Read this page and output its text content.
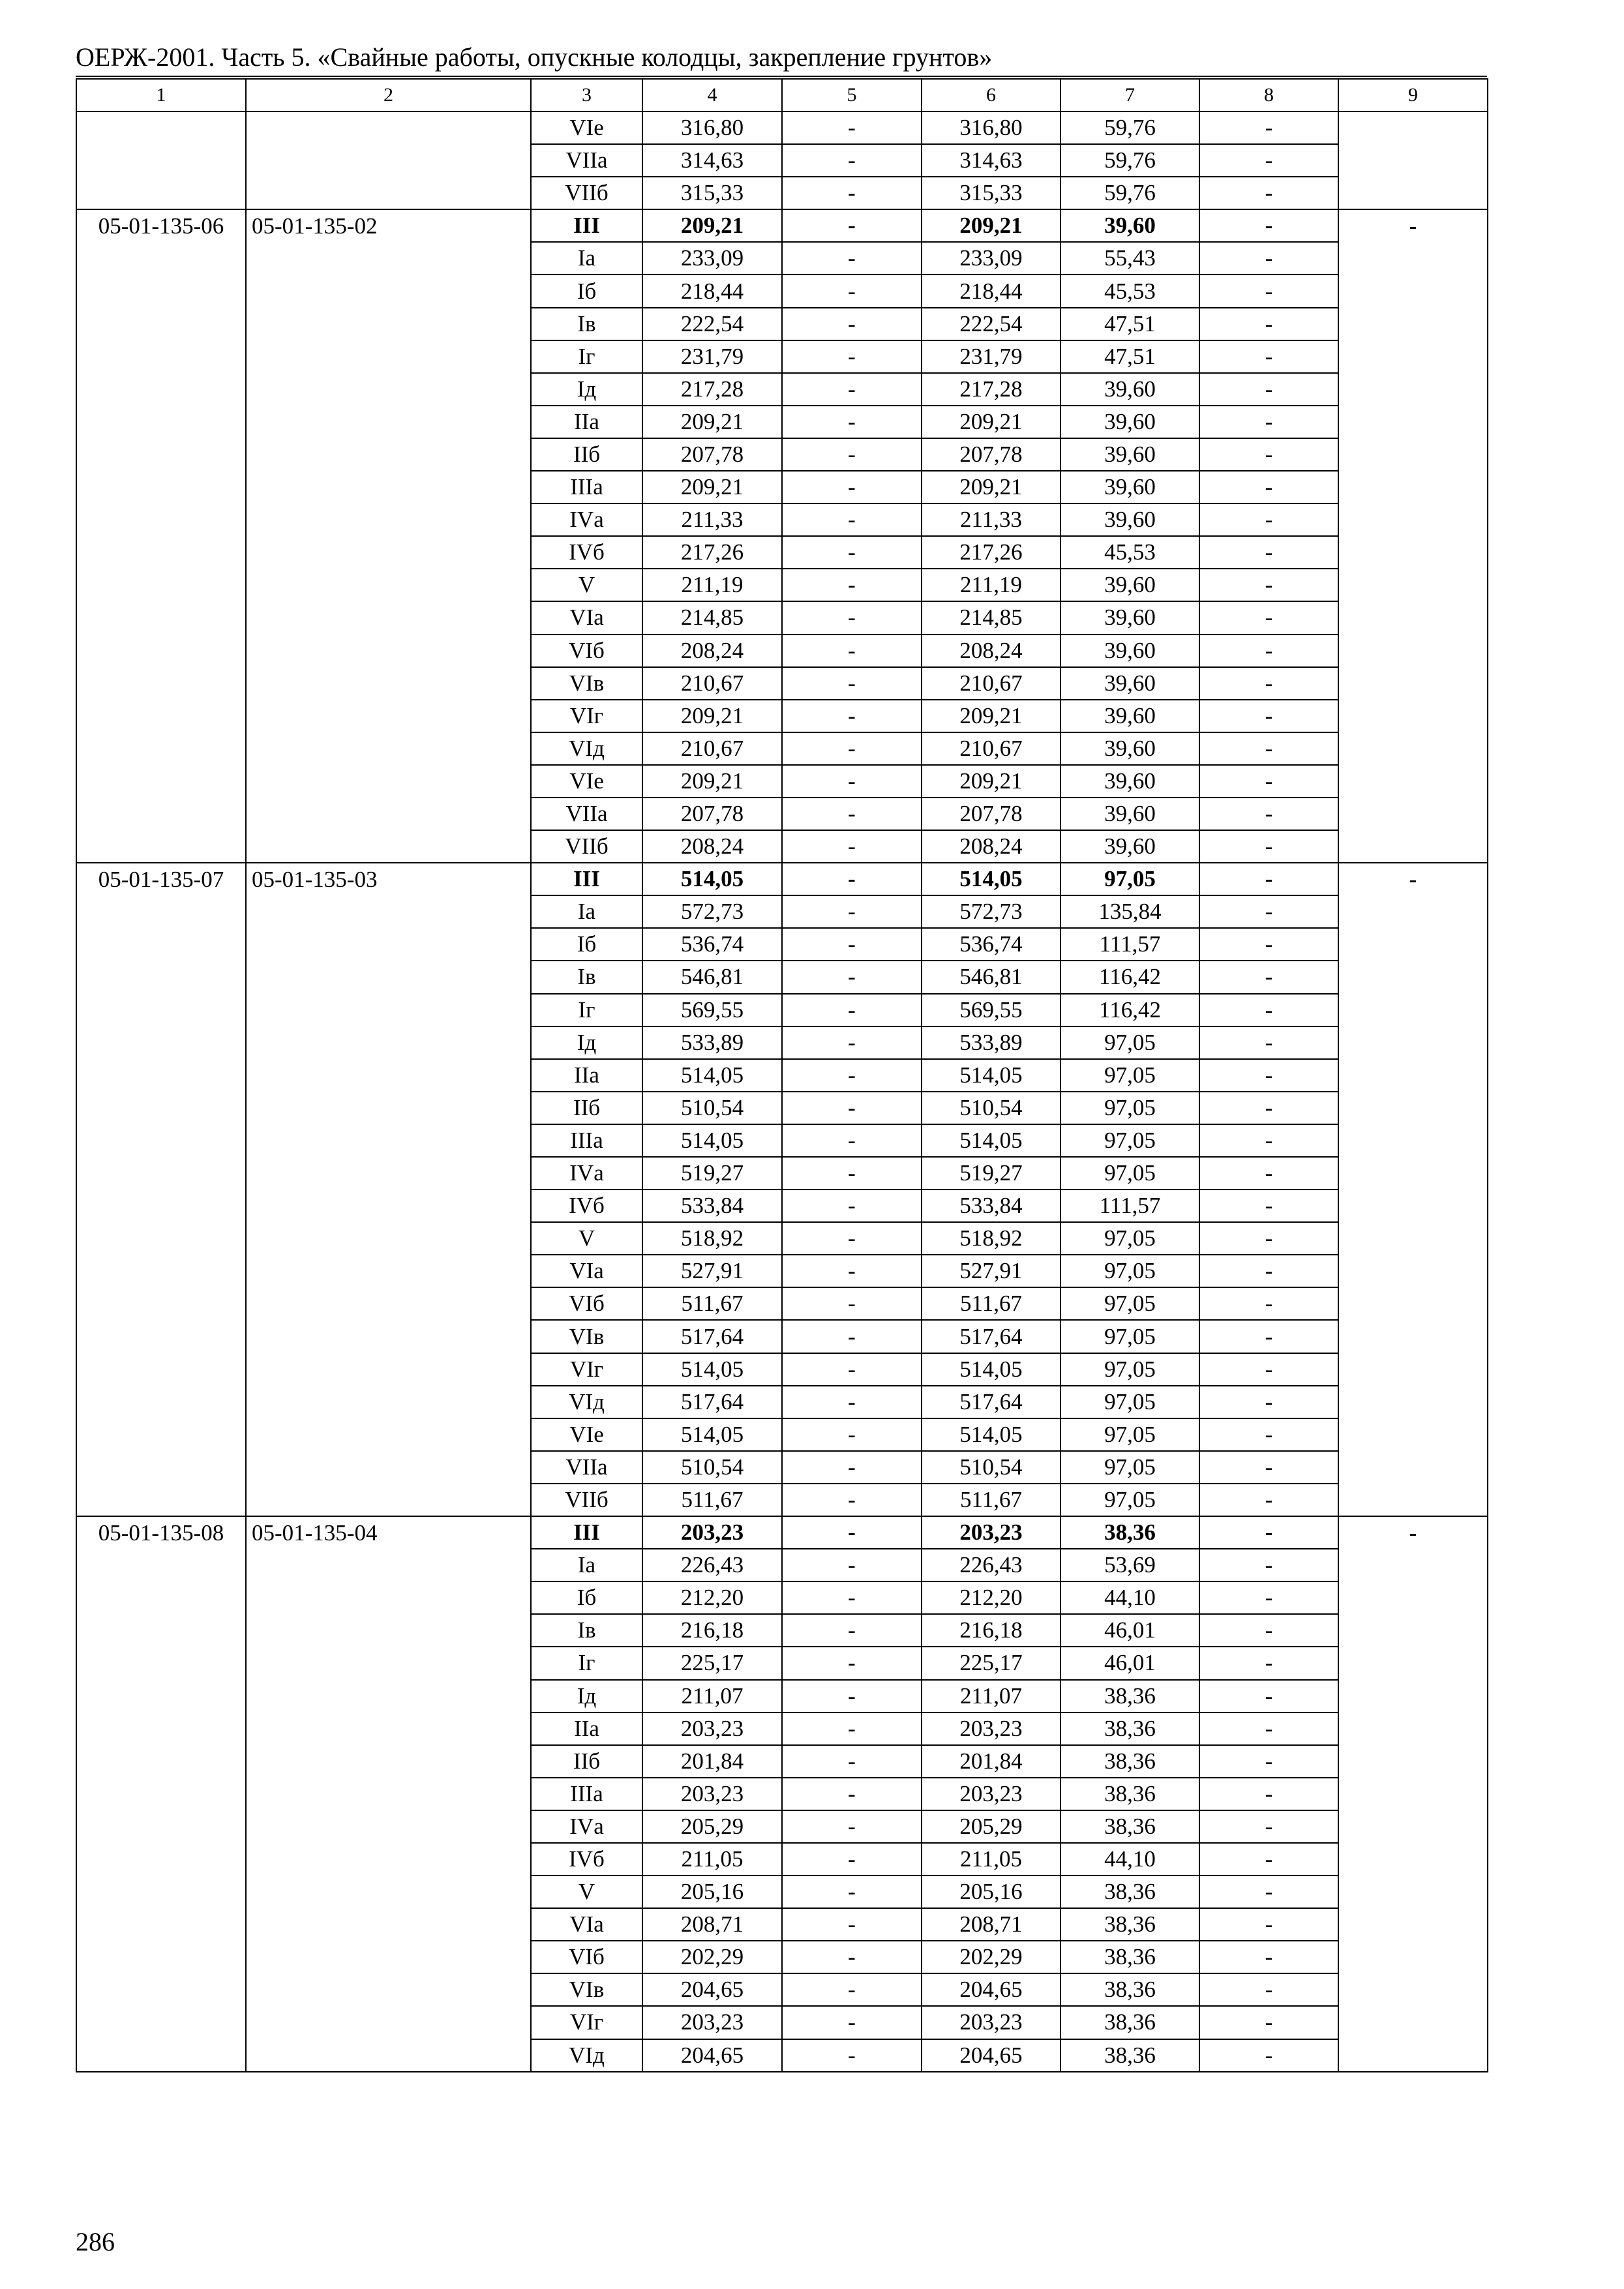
ОЕРЖ-2001. Часть 5. «Свайные работы, опускные колодцы, закрепление грунтов»
1	2	3	4	5	6	7	8	9
		VIе	316,80	-	316,80	59,76	-	
		VIIа	314,63	-	314,63	59,76	-	
		VIIб	315,33	-	315,33	59,76	-	

05-01-135-06	05-01-135-02	III	209,21	-	209,21	39,60	-	-

		Iа	233,09	-	233,09	55,43	-	
		Iб	218,44	-	218,44	45,53	-	
		Iв	222,54	-	222,54	47,51	-	
		Iг	231,79	-	231,79	47,51	-	
		Iд	217,28	-	217,28	39,60	-	
		IIа	209,21	-	209,21	39,60	-	
		IIб	207,78	-	207,78	39,60	-	
		IIIа	209,21	-	209,21	39,60	-	
		IVа	211,33	-	211,33	39,60	-	
		IVб	217,26	-	217,26	45,53	-	
		V	211,19	-	211,19	39,60	-	
		VIа	214,85	-	214,85	39,60	-	
		VIб	208,24	-	208,24	39,60	-	
		VIв	210,67	-	210,67	39,60	-	
		VIг	209,21	-	209,21	39,60	-	
		VIд	210,67	-	210,67	39,60	-	
		VIе	209,21	-	209,21	39,60	-	
		VIIа	207,78	-	207,78	39,60	-	
		VIIб	208,24	-	208,24	39,60	-	

05-01-135-07	05-01-135-03	III	514,05	-	514,05	97,05	-	-

		Iа	572,73	-	572,73	135,84	-	
		Iб	536,74	-	536,74	111,57	-	
		Iв	546,81	-	546,81	116,42	-	
		Iг	569,55	-	569,55	116,42	-	
		Iд	533,89	-	533,89	97,05	-	
		IIа	514,05	-	514,05	97,05	-	
		IIб	510,54	-	510,54	97,05	-	
		IIIа	514,05	-	514,05	97,05	-	
		IVа	519,27	-	519,27	97,05	-	
		IVб	533,84	-	533,84	111,57	-	
		V	518,92	-	518,92	97,05	-	
		VIа	527,91	-	527,91	97,05	-	
		VIб	511,67	-	511,67	97,05	-	
		VIв	517,64	-	517,64	97,05	-	
		VIг	514,05	-	514,05	97,05	-	
		VIд	517,64	-	517,64	97,05	-	
		VIе	514,05	-	514,05	97,05	-	
		VIIа	510,54	-	510,54	97,05	-	
		VIIб	511,67	-	511,67	97,05	-	

05-01-135-08	05-01-135-04	III	203,23	-	203,23	38,36	-	-

		Iа	226,43	-	226,43	53,69	-	
		Iб	212,20	-	212,20	44,10	-	
		Iв	216,18	-	216,18	46,01	-	
		Iг	225,17	-	225,17	46,01	-	
		Iд	211,07	-	211,07	38,36	-	
		IIа	203,23	-	203,23	38,36	-	
		IIб	201,84	-	201,84	38,36	-	
		IIIа	203,23	-	203,23	38,36	-	
		IVа	205,29	-	205,29	38,36	-	
		IVб	211,05	-	211,05	44,10	-	
		V	205,16	-	205,16	38,36	-	
		VIа	208,71	-	208,71	38,36	-	
		VIб	202,29	-	202,29	38,36	-	
		VIв	204,65	-	204,65	38,36	-	
		VIг	203,23	-	203,23	38,36	-	
		VIд	204,65	-	204,65	38,36	-	
286
